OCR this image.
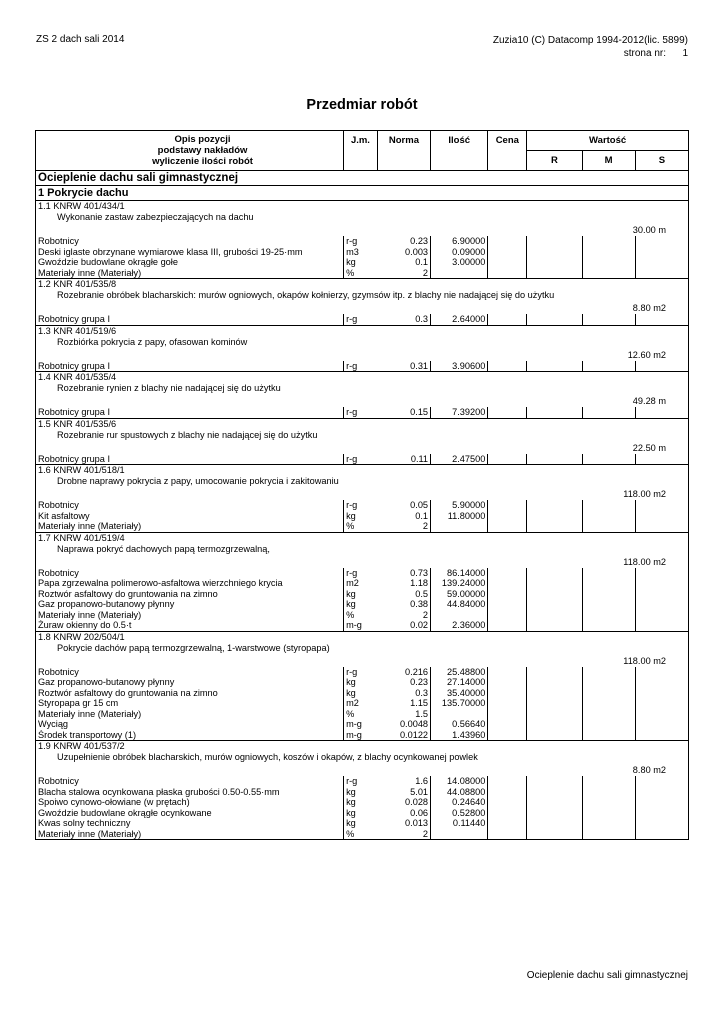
ZS 2 dach sali 2014	Zuzia10 (C) Datacomp 1994-2012(lic. 5899)
strona nr: 1
Przedmiar robót
Opis pozycji
podstawy nakładów
wyliczenie ilości robót	J.m.	Norma	Ilość	Cena	Wartość		
					R	M	S
Ocieplenie dachu sali gimnastycznej							
1 Pokrycie dachu							

1.1 KNRW 401/434/1
Wykonanie zastaw zabezpieczających na dachu
30.00 m							

Robotnicy	r-g	0.23	6.90000				
Deski iglaste obrzynane wymiarowe klasa III, grubości 19-25·mm	m3	0.003	0.09000				
Gwoździe budowlane okrągłe gołe	kg	0.1	3.00000				
Materiały inne (Materiały)	%	2					

1.2 KNR 401/535/8
Rozebranie obróbek blacharskich: murów ogniowych, okapów kołnierzy, gzymsów itp. z blachy nie nadającej się do użytku
8.80 m2							

Robotnicy grupa I	r-g	0.3	2.64000				

1.3 KNR 401/519/6
Rozbiórka pokrycia z papy, ofasowan kominów
12.60 m2							

Robotnicy grupa I	r-g	0.31	3.90600				

1.4 KNR 401/535/4
Rozebranie rynien z blachy nie nadającej się do użytku
49.28 m							

Robotnicy grupa I	r-g	0.15	7.39200				

1.5 KNR 401/535/6
Rozebranie rur spustowych z blachy nie nadającej się do użytku
22.50 m							

Robotnicy grupa I	r-g	0.11	2.47500				

1.6 KNRW 401/518/1
Drobne naprawy pokrycia z papy, umocowanie pokrycia i zakitowaniu
118.00 m2							

Robotnicy	r-g	0.05	5.90000				
Kit asfaltowy	kg	0.1	11.80000				
Materiały inne (Materiały)	%	2					

1.7 KNRW 401/519/4
Naprawa pokryć dachowych papą termozgrzewalną,
118.00 m2							

Robotnicy	r-g	0.73	86.14000				
Papa zgrzewalna polimerowo-asfaltowa wierzchniego krycia	m2	1.18	139.24000				
Roztwór asfaltowy do gruntowania na zimno	kg	0.5	59.00000				
Gaz propanowo-butanowy płynny	kg	0.38	44.84000				
Materiały inne (Materiały)	%	2					
Żuraw okienny do 0.5·t	m-g	0.02	2.36000				

1.8 KNRW 202/504/1
Pokrycie dachów papą termozgrzewalną, 1-warstwowe (styropapa)
118.00 m2							

Robotnicy	r-g	0.216	25.48800				
Gaz propanowo-butanowy płynny	kg	0.23	27.14000				
Roztwór asfaltowy do gruntowania na zimno	kg	0.3	35.40000				
Styropapa gr 15 cm	m2	1.15	135.70000				
Materiały inne (Materiały)	%	1.5					
Wyciąg	m-g	0.0048	0.56640				
Środek transportowy (1)	m-g	0.0122	1.43960				

1.9 KNRW 401/537/2
Uzupełnienie obróbek blacharskich, murów ogniowych, koszów i okapów, z blachy ocynkowanej powlek
8.80 m2							

Robotnicy	r-g	1.6	14.08000				
Blacha stalowa ocynkowana płaska grubości 0.50-0.55·mm	kg	5.01	44.08800				
Spoiwo cynowo-ołowiane (w prętach)	kg	0.028	0.24640				
Gwoździe budowlane okrągłe ocynkowane	kg	0.06	0.52800				
Kwas solny techniczny	kg	0.013	0.11440				
Materiały inne (Materiały)	%	2					
Ocieplenie dachu sali gimnastycznej
